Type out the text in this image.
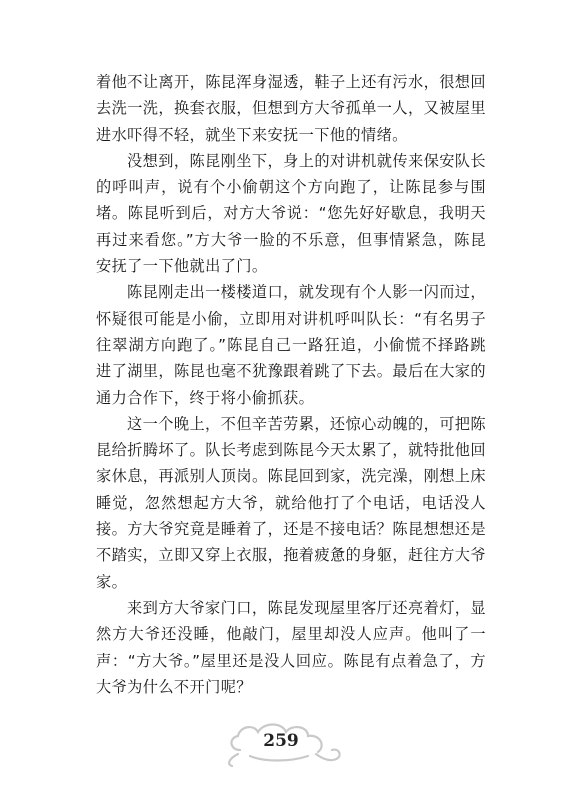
着他不让离开，陈昆浑身湿透，鞋子上还有污水，很想回去洗一洗，换套衣服，但想到方大爷孤单一人，又被屋里进水吓得不轻，就坐下来安抚一下他的情绪。

没想到，陈昆刚坐下，身上的对讲机就传来保安队长的呼叫声，说有个小偷朝这个方向跑了，让陈昆参与围堵。陈昆听到后，对方大爷说：“您先好好歇息，我明天再过来看您。”方大爷一脸的不乐意，但事情紧急，陈昆安抚了一下他就出了门。

陈昆刚走出一楼楼道口，就发现有个人影一闪而过，怀疑很可能是小偷，立即用对讲机呼叫队长：“有名男子往翠湖方向跑了。”陈昆自己一路狂追，小偷慌不择路跳进了湖里，陈昆也毫不犹豫跟着跳了下去。最后在大家的通力合作下，终于将小偷抓获。

这一个晚上，不但辛苦劳累，还惊心动魄的，可把陈昆给折腾坏了。队长考虑到陈昆今天太累了，就特批他回家休息，再派别人顶岗。陈昆回到家，洗完澡，刚想上床睡觉，忽然想起方大爷，就给他打了个电话，电话没人接。方大爷究竟是睡着了，还是不接电话？陈昆想想还是不踏实，立即又穿上衣服，拖着疲惫的身躯，赶往方大爷家。

来到方大爷家门口，陈昆发现屋里客厅还亮着灯，显然方大爷还没睡，他敲门，屋里却没人应声。他叫了一声：“方大爷。”屋里还是没人回应。陈昆有点着急了，方大爷为什么不开门呢？

259
